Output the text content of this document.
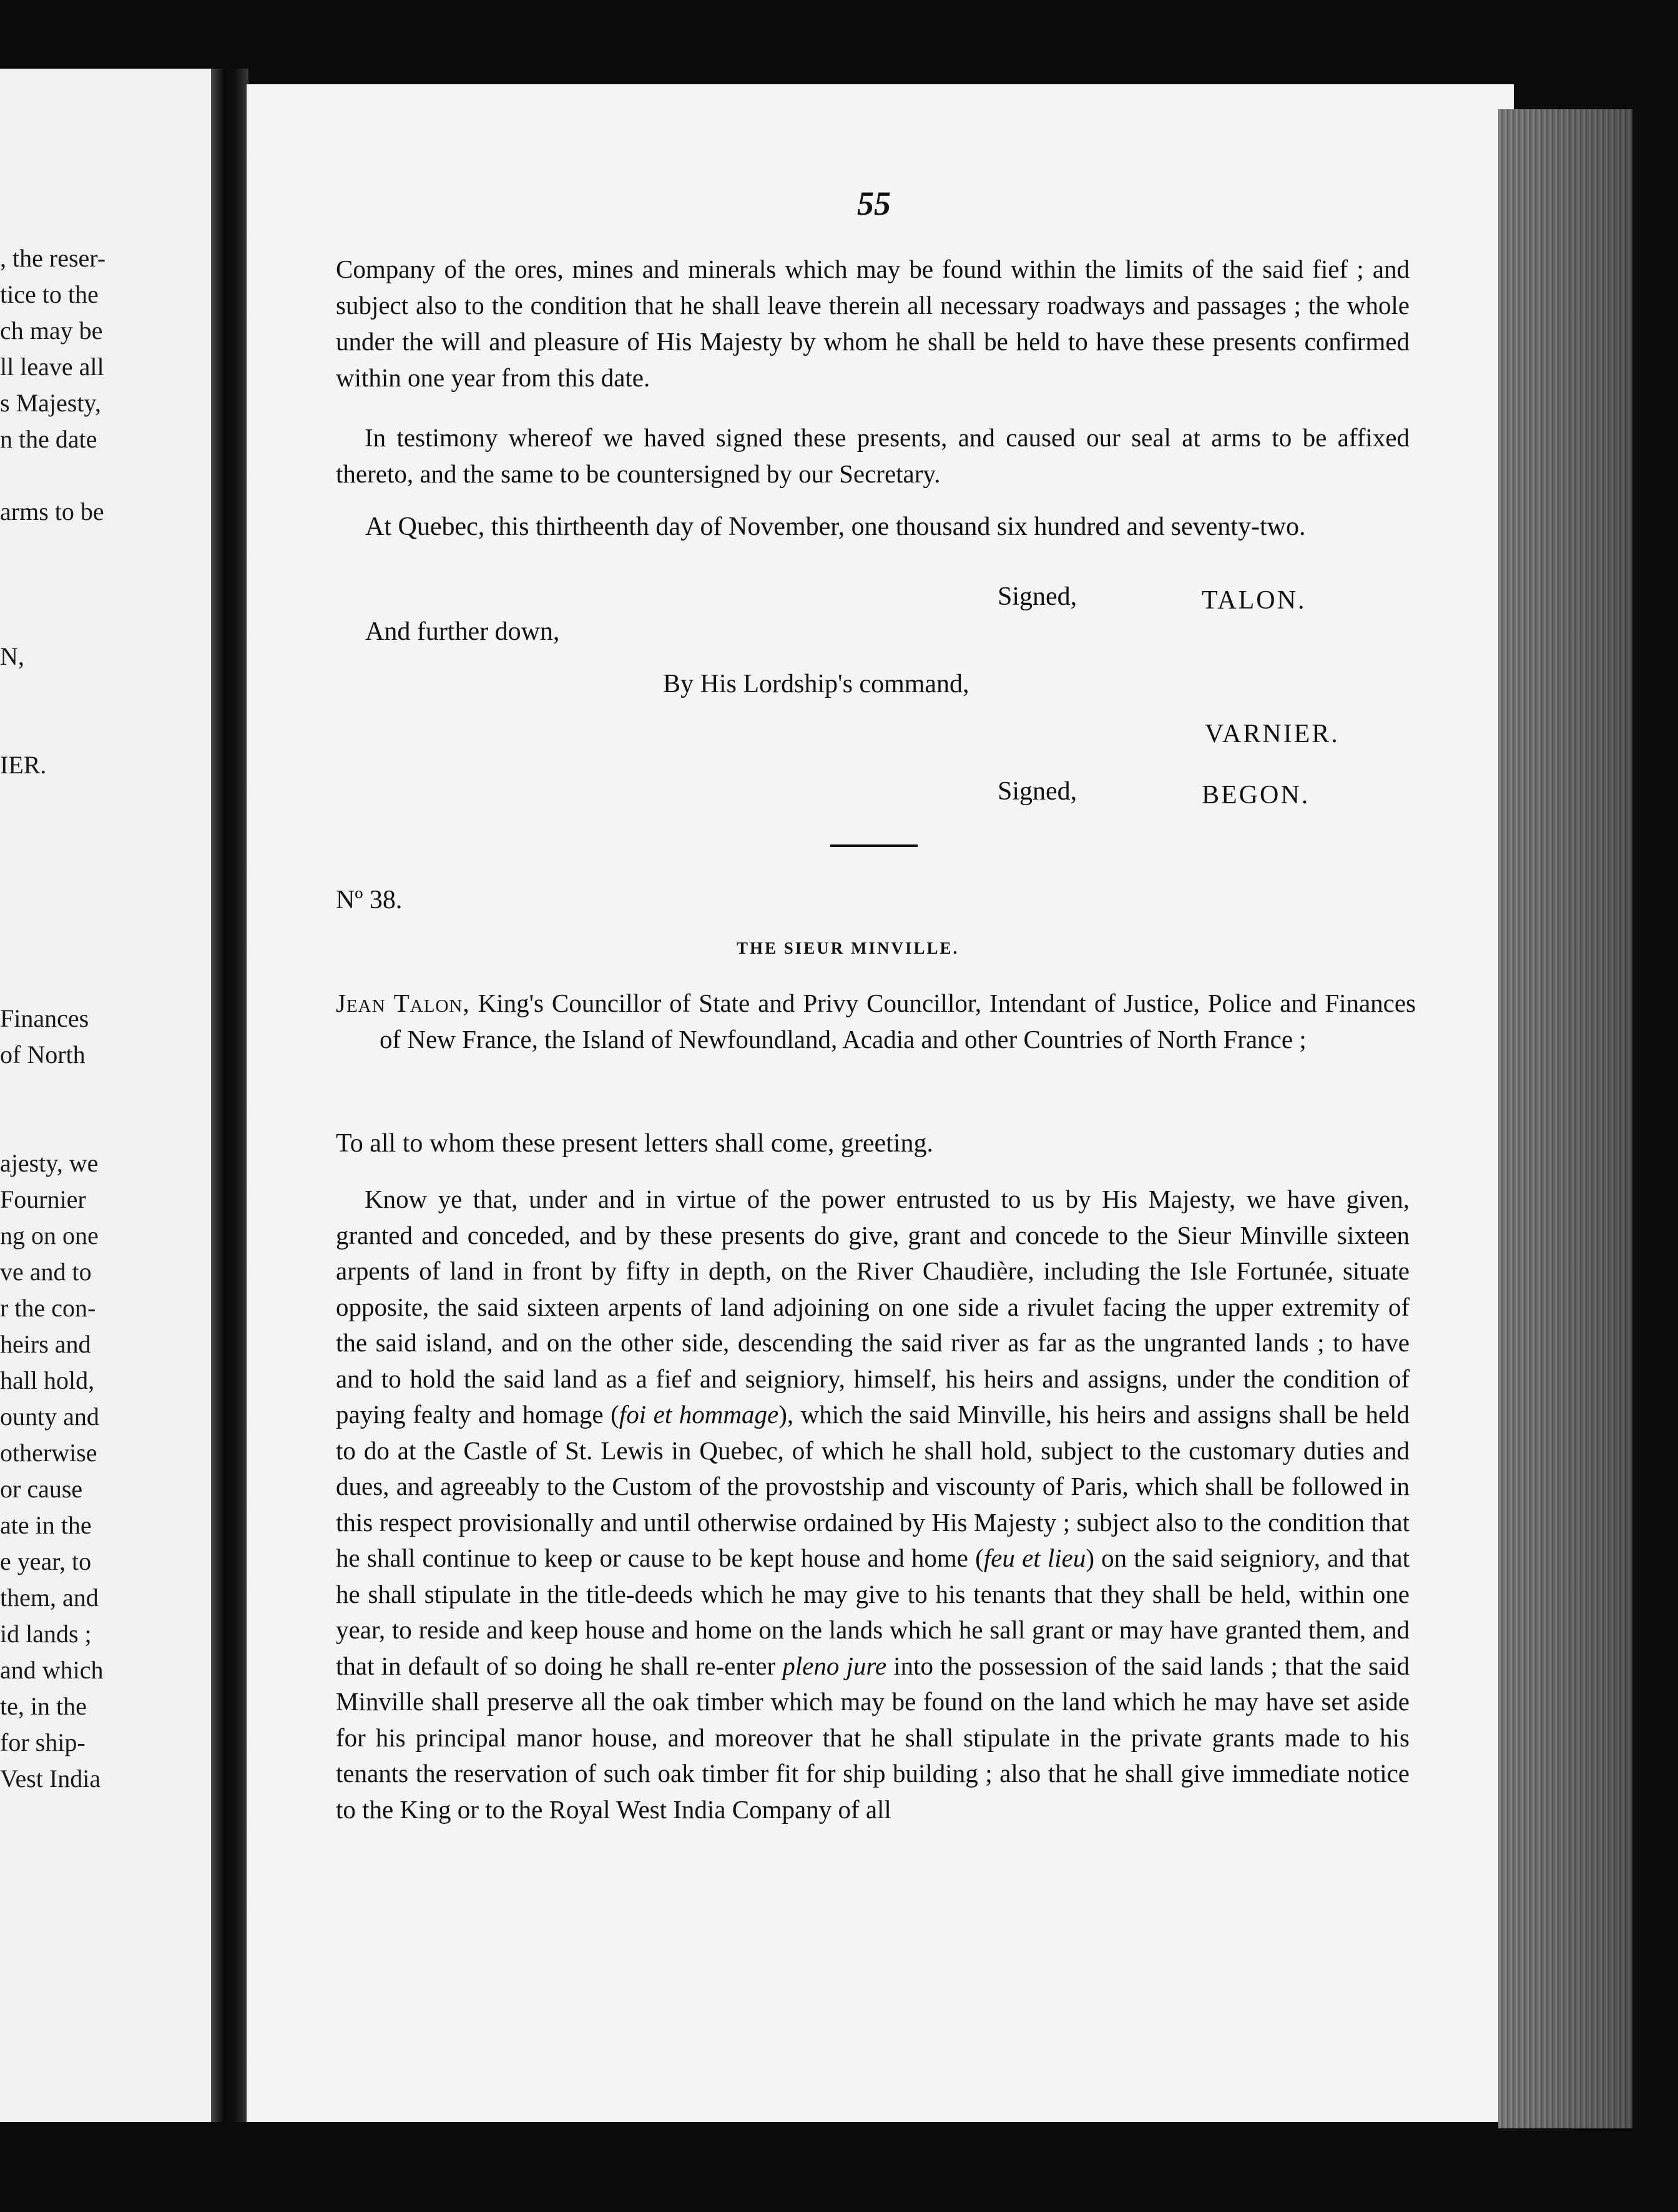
, the reser-
tice to the
ch may be
ll leave all
s Majesty,
n the date
arms to be
N,
IER.
Finances
of North
ajesty, we
Fournier
ng on one
ve and to
r the con-
heirs and
hall hold,
ounty and
otherwise
or cause
ate in the
e year, to
them, and
id lands ;
and which
te, in the
for ship-
Vest India
55

Company of the ores, mines and minerals which may be found within the limits of the said fief ; and subject also to the condition that he shall leave therein all necessary roadways and passages ; the whole under the will and pleasure of His Majesty by whom he shall be held to have these presents confirmed within one year from this date.

In testimony whereof we haved signed these presents, and caused our seal at arms to be affixed thereto, and the same to be countersigned by our Secretary.

At Quebec, this thirtheenth day of November, one thousand six hundred and seventy-two.
Signed,	TALON.
And further down,
By His Lordship's command,
VARNIER.
Signed,	BEGON.
Nº 38.
THE SIEUR MINVILLE.
Jean Talon, King's Councillor of State and Privy Councillor, Intendant of Justice, Police and Finances of New France, the Island of Newfoundland, Acadia and other Countries of North France ;
To all to whom these present letters shall come, greeting.

Know ye that, under and in virtue of the power entrusted to us by His Majesty, we have given, granted and conceded, and by these presents do give, grant and concede to the Sieur Minville sixteen arpents of land in front by fifty in depth, on the River Chaudière, including the Isle Fortunée, situate opposite, the said sixteen arpents of land adjoining on one side a rivulet facing the upper extremity of the said island, and on the other side, descending the said river as far as the ungranted lands ; to have and to hold the said land as a fief and seigniory, himself, his heirs and assigns, under the condition of paying fealty and homage (foi et hommage), which the said Minville, his heirs and assigns shall be held to do at the Castle of St. Lewis in Quebec, of which he shall hold, subject to the customary duties and dues, and agreeably to the Custom of the provostship and viscounty of Paris, which shall be followed in this respect provisionally and until otherwise ordained by His Majesty ; subject also to the condition that he shall continue to keep or cause to be kept house and home (feu et lieu) on the said seigniory, and that he shall stipulate in the title-deeds which he may give to his tenants that they shall be held, within one year, to reside and keep house and home on the lands which he sall grant or may have granted them, and that in default of so doing he shall re-enter pleno jure into the possession of the said lands ; that the said Minville shall preserve all the oak timber which may be found on the land which he may have set aside for his principal manor house, and moreover that he shall stipulate in the private grants made to his tenants the reservation of such oak timber fit for ship building ; also that he shall give immediate notice to the King or to the Royal West India Company of all
